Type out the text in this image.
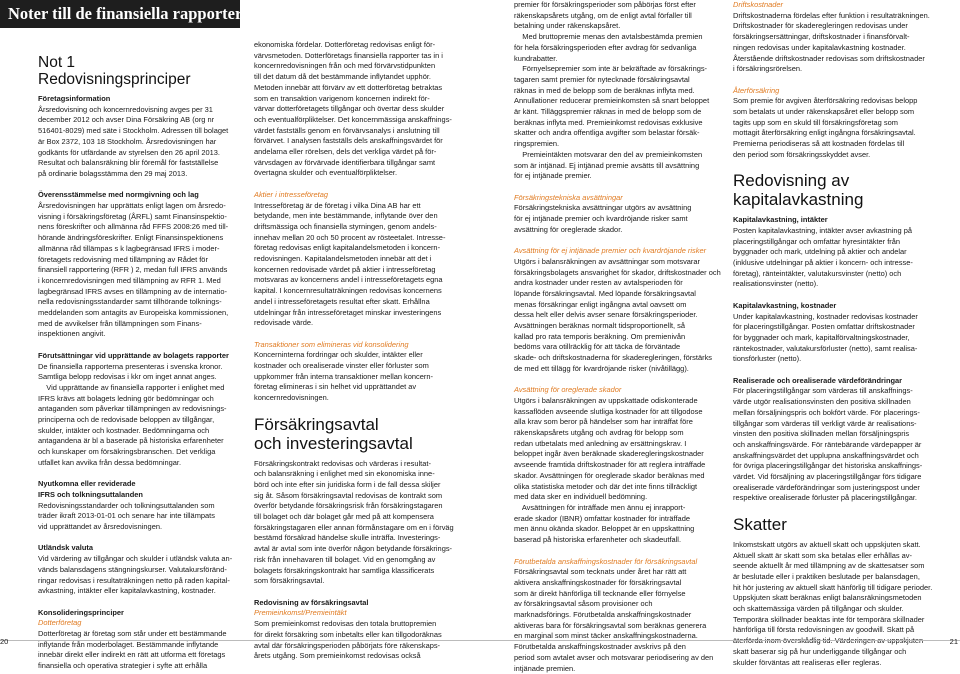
Noter till de finansiella rapporterna

Not 1

Redovisningsprinciper

Företagsinformation

Årsredovisning och koncernredovisning avges per 31

december 2012 och avser Dina Försäkring AB (org nr

516401-8029) med säte i Stockholm. Adressen till bolaget

är Box 2372, 103 18 Stockholm. Årsredovisningen har

godkänts för utfärdande av styrelsen den 26 april 2013.

Resultat och balansräkning blir föremål för fastställelse

på ordinarie bolagsstämma den 29 maj 2013.

Överensstämmelse med normgivning och lag

Årsredovisningen har upprättats enligt lagen om årsredo-

visning i försäkringsföretag (ÅRFL) samt Finansinspektio-

nens föreskrifter och allmänna råd FFFS 2008:26 med till-

hörande ändringsföreskrifter. Enligt Finansinspektionens

allmänna råd tillämpas s k lagbegränsad IFRS i moder-

företagets redovisning med tillämpning av Rådet för

finansiell rapportering (RFR ) 2, medan full IFRS används

i koncernredovisningen med tillämpning av RFR 1. Med

lagbegränsad IFRS avses en tillämpning av de internatio-

nella redovisningsstandarder samt tillhörande tolknings-

meddelanden som antagits av Europeiska kommissionen,

med de avvikelser från tillämpningen som Finans-

inspektionen angivit.

Förutsättningar vid upprättande av bolagets rapporter

De finansiella rapporterna presenteras i svenska kronor.

Samtliga belopp redovisas i kkr om inget annat anges.

Vid upprättande av finansiella rapporter i enlighet med

IFRS krävs att bolagets ledning gör bedömningar och

antaganden som påverkar tillämpningen av redovisnings-

principerna och de redovisade beloppen av tillgångar,

skulder, intäkter och kostnader. Bedömningarna och

antagandena är bl a baserade på historiska erfarenheter

och kunskaper om försäkringsbranschen. Det verkliga

utfallet kan avvika från dessa bedömningar.

Nyutkomna eller reviderade

IFRS och tolkningsuttalanden

Redovisningsstandarder och tolkningsuttalanden som

träder ikraft 2013-01-01 och senare har inte tillämpats

vid upprättandet av årsredovisningen.

Utländsk valuta

Vid värdering av tillgångar och skulder i utländsk valuta an-

vänds balansdagens stängningskurser. Valutakursföränd-

ringar redovisas i resultaträkningen netto på raden kapital-

avkastning, intäkter eller kapitalavkastning, kostnader.

Konsolideringsprinciper

Dotterföretag

Dotterföretag är företag som står under ett bestämmande

inflytande från moderbolaget. Bestämmande inflytande

innebär direkt eller indirekt en rätt att utforma ett företags

finansiella och operativa strategier i syfte att erhålla

ekonomiska fördelar. Dotterföretag redovisas enligt för-

värvsmetoden. Dotterföretags finansiella rapporter tas in i

koncernredovisningen från och med förvärvstidpunkten

till det datum då det bestämmande inflytandet upphör.

Metoden innebär att förvärv av ett dotterföretag betraktas

som en transaktion varigenom koncernen indirekt för-

värvar dotterföretagets tillgångar och övertar dess skulder

och eventualförpliktelser. Det koncernmässiga anskaffnings-

värdet fastställs genom en förvärvsanalys i anslutning till

förvärvet. I analysen fastställs dels anskaffningsvärdet för

andelarna eller rörelsen, dels det verkliga värdet på för-

värvsdagen av förvärvade identifierbara tillgångar samt

övertagna skulder och eventualförpliktelser.

Aktier i intresseföretag

Intresseföretag är de företag i vilka Dina AB har ett

betydande, men inte bestämmande, inflytande över den

driftsmässiga och finansiella styrningen, genom andels-

innehav mellan 20 och 50 procent av rösteetalet. Intresse-

företag redovisas enligt kapitalandelsmetoden i koncern-

redovisningen. Kapitalandelsmetoden innebär att det i

koncernen redovisade värdet på aktier i intresseföretag

motsvaras av koncernens andel i intresseföretagets egna

kapital. I koncernresultaträkningen redovisas koncernens

andel i intresseföretagets resultat efter skatt. Erhållna

utdelningar från intresseföretaget minskar investeringens

redovisade värde.

Transaktioner som elimineras vid konsolidering

Koncerninterna fordringar och skulder, intäkter eller

kostnader och orealiserade vinster eller förluster som

uppkommer från interna transaktioner mellan koncern-

företag elimineras i sin helhet vid upprättandet av

koncernredovisningen.

Försäkringsavtal

och investeringsavtal

Försäkringskontrakt redovisas och värderas i resultat-

och balansräkning i enlighet med sin ekonomiska inne-

börd och inte efter sin juridiska form i de fall dessa skiljer

sig åt. Såsom försäkringsavtal redovisas de kontrakt som

överför betydande försäkringsrisk från försäkringstagaren

till bolaget och där bolaget går med på att kompensera

försäkringstagaren eller annan förmånstagare om en i förväg

bestämd försäkrad händelse skulle inträffa. Investerings-

avtal är avtal som inte överför någon betydande försäkrings-

risk från innehavaren till bolaget. Vid en genomgång av

bolagets försäkringskontrakt har samtliga klassificerats

som försäkringsavtal.

Redovisning av försäkringsavtal

Premieinkomst/Premieintäkt

Som premieinkomst redovisas den totala bruttopremien

för direkt försäkring som inbetalts eller kan tillgodoräknas

avtal där försäkringsperioden påbörjats före räkenskaps-

årets utgång. Som premieinkomst redovisas också

premier för försäkringsperioder som påbörjas först efter

räkenskapsårets utgång, om de enligt avtal förfaller till

betalning under räkenskapsåret.

Med bruttopremie menas den avtalsbestämda premien

för hela försäkringsperioden efter avdrag för sedvanliga

kundrabatter.

Förnyelsepremier som inte är bekräftade av försäkrings-

tagaren samt premier för nytecknade försäkringsavtal

räknas in med de belopp som de beräknas inflyta med.

Annullationer reducerar premieinkomsten så snart beloppet

är känt. Tilläggspremier räknas in med de belopp som de

beräknas inflyta med. Premieinkomst redovisas exklusive

skatter och andra offentliga avgifter som belastar försäk-

ringspremien.

Premieintäkten motsvarar den del av premieinkomsten

som är intjänad. Ej intjänad premie avsätts till avsättning

för ej intjänade premier.

Försäkringstekniska avsättningar

Försäkringstekniska avsättningar utgörs av avsättning

för ej intjänade premier och kvardröjande risker samt

avsättning för oreglerade skador.

Avsättning för ej intjänade premier och kvardröjande risker

Utgörs i balansräkningen av avsättningar som motsvarar

försäkringsbolagets ansvarighet för skador, driftskostnader och

andra kostnader under resten av avtalsperioden för

löpande försäkringsavtal. Med löpande försäkringsavtal

menas försäkringar enligt ingångna avtal oavsett om

dessa helt eller delvis avser senare försäkringsperioder.

Avsättningen beräknas normalt tidsproportionellt, så

kallad pro rata temporis beräkning. Om premienivån

bedöms vara otillräcklig för att täcka de förväntade

skade- och driftskostnaderna för skaderegleringen, förstärks

de med ett tillägg för kvardröjande risker (nivåtillägg).

Avsättning för oreglerade skador

Utgörs i balansräkningen av uppskattade odiskonterade

kassaflöden avseende slutliga kostnader för att tillgodose

alla krav som beror på händelser som har inträffat före

räkenskapsårets utgång och avdrag för belopp som

redan utbetalats med anledning av ersättningskrav. I

beloppet ingår även beräknade skaderegleringskostnader

avseende framtida driftskostnader för att reglera inträffade

skador. Avsättningen för oreglerade skador beräknas med

olika statistiska metoder och där det inte finns tillräckligt

med data sker en individuell bedömning.

Avsättningen för inträffade men ännu ej inrapport-

erade skador (IBNR) omfattar kostnader för inträffade

men ännu okända skador. Beloppet är en uppskattning

baserad på historiska erfarenheter och skadeutfall.

Förutbetalda anskaffningskostnader för försäkringsavtal

Försäkringsavtal som tecknats under året har rätt att

aktivera anskaffningskostnader för försäkringsavtal

som är direkt hänförliga till tecknande eller förnyelse

av försäkringsavtal såsom provisioner och

marknadsförings. Förutbetalda anskaffningskostnader

aktiveras bara för försäkringsavtal som beräknas generera

en marginal som minst täcker anskaffningskostnaderna.

Förutbetalda anskaffningskostnader avskrivs på den

period som avtalet avser och motsvarar periodisering av den

intjänade premien.

Driftskostnader

Driftskostnaderna fördelas efter funktion i resultaträkningen.

Driftskostnader för skaderegleringen redovisas under

försäkringsersättningar, driftskostnader i finansförvalt-

ningen redovisas under kapitalavkastning kostnader.

Återstående driftskostnader redovisas som driftskostnader

i försäkringsrörelsen.

Återförsäkring

Som premie för avgiven återförsäkring redovisas belopp

som betalats ut under räkenskapsåret eller belopp som

tagits upp som en skuld till försäkringsföretag som

mottagit återförsäkring enligt ingångna försäkringsavtal.

Premierna periodiseras så att kostnaden fördelas till

den period som försäkringsskyddet avser.

Redovisning av

kapitalavkastning

Kapitalavkastning, intäkter

Posten kapitalavkastning, intäkter avser avkastning på

placeringstillgångar och omfattar hyresintäkter från

byggnader och mark, utdelning på aktier och andelar

(inklusive utdelningar på aktier i koncern- och intresse-

företag), ränteintäkter, valutakursvinster (netto) och

realisationsvinster (netto).

Kapitalavkastning, kostnader

Under kapitalavkastning, kostnader redovisas kostnader

för placeringstillgångar. Posten omfattar driftskostnader

för byggnader och mark, kapitalförvaltningskostnader,

räntekostnader, valutakursförluster (netto), samt realisa-

tionsförluster (netto).

Realiserade och orealiserade värdeförändringar

För placeringstillgångar som värderas till anskaffnings-

värde utgör realisationsvinsten den positiva skillnaden

mellan försäljningspris och bokfört värde. För placerings-

tillgångar som värderas till verkligt värde är realisations-

vinsten den positiva skillnaden mellan försäljningspris

och anskaffningsvärde. För räntebärande värdepapper är

anskaffningsvärdet det upplupna anskaffningsvärdet och

för övriga placeringstillgångar det historiska anskaffnings-

värdet. Vid försäljning av placeringstillgångar förs tidigare

orealiserade värdeförändringar som justeringspost under

respektive orealiserade förluster på placeringstillgångar.

Skatter

Inkomstskatt utgörs av aktuell skatt och uppskjuten skatt.

Aktuell skatt är skatt som ska betalas eller erhållas av-

seende aktuellt år med tillämpning av de skattesatser som

är beslutade eller i praktiken beslutade per balansdagen,

hit hör justering av aktuell skatt hänförlig till tidigare perioder.

Uppskjuten skatt beräknas enligt balansräkningsmetoden

och skattemässiga värden på tillgångar och skulder.

Temporära skillnader beaktas inte för temporära skillnader

hänförliga till första redovisningen av goodwill. Skatt på

äterförda inom överskådlig tid. Värderingen av uppskjuten

skatt baserar sig på hur underliggande tillgångar och

skulder förväntas att realiseras eller regleras.

20	21
